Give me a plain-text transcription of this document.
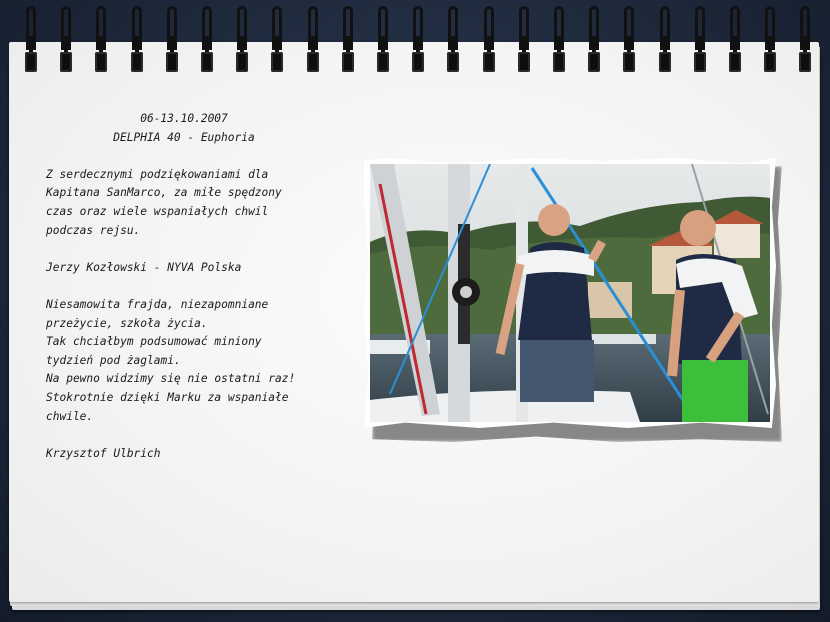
06-13.10.2007
DELPHIA 40 - Euphoria
Z serdecznymi podziękowaniami dla
Kapitana SanMarco, za miłe spędzony
czas oraz wiele wspaniałych chwil
podczas rejsu.
Jerzy Kozłowski - NYVA Polska
Niesamowita frajda, niezapomniane
przeżycie, szkoła życia.
Tak chciałbym podsumować miniony
tydzień pod żaglami.
Na pewno widzimy się nie ostatni raz!
Stokrotnie dzięki Marku za wspaniałe
chwile.
Krzysztof Ulbrich
